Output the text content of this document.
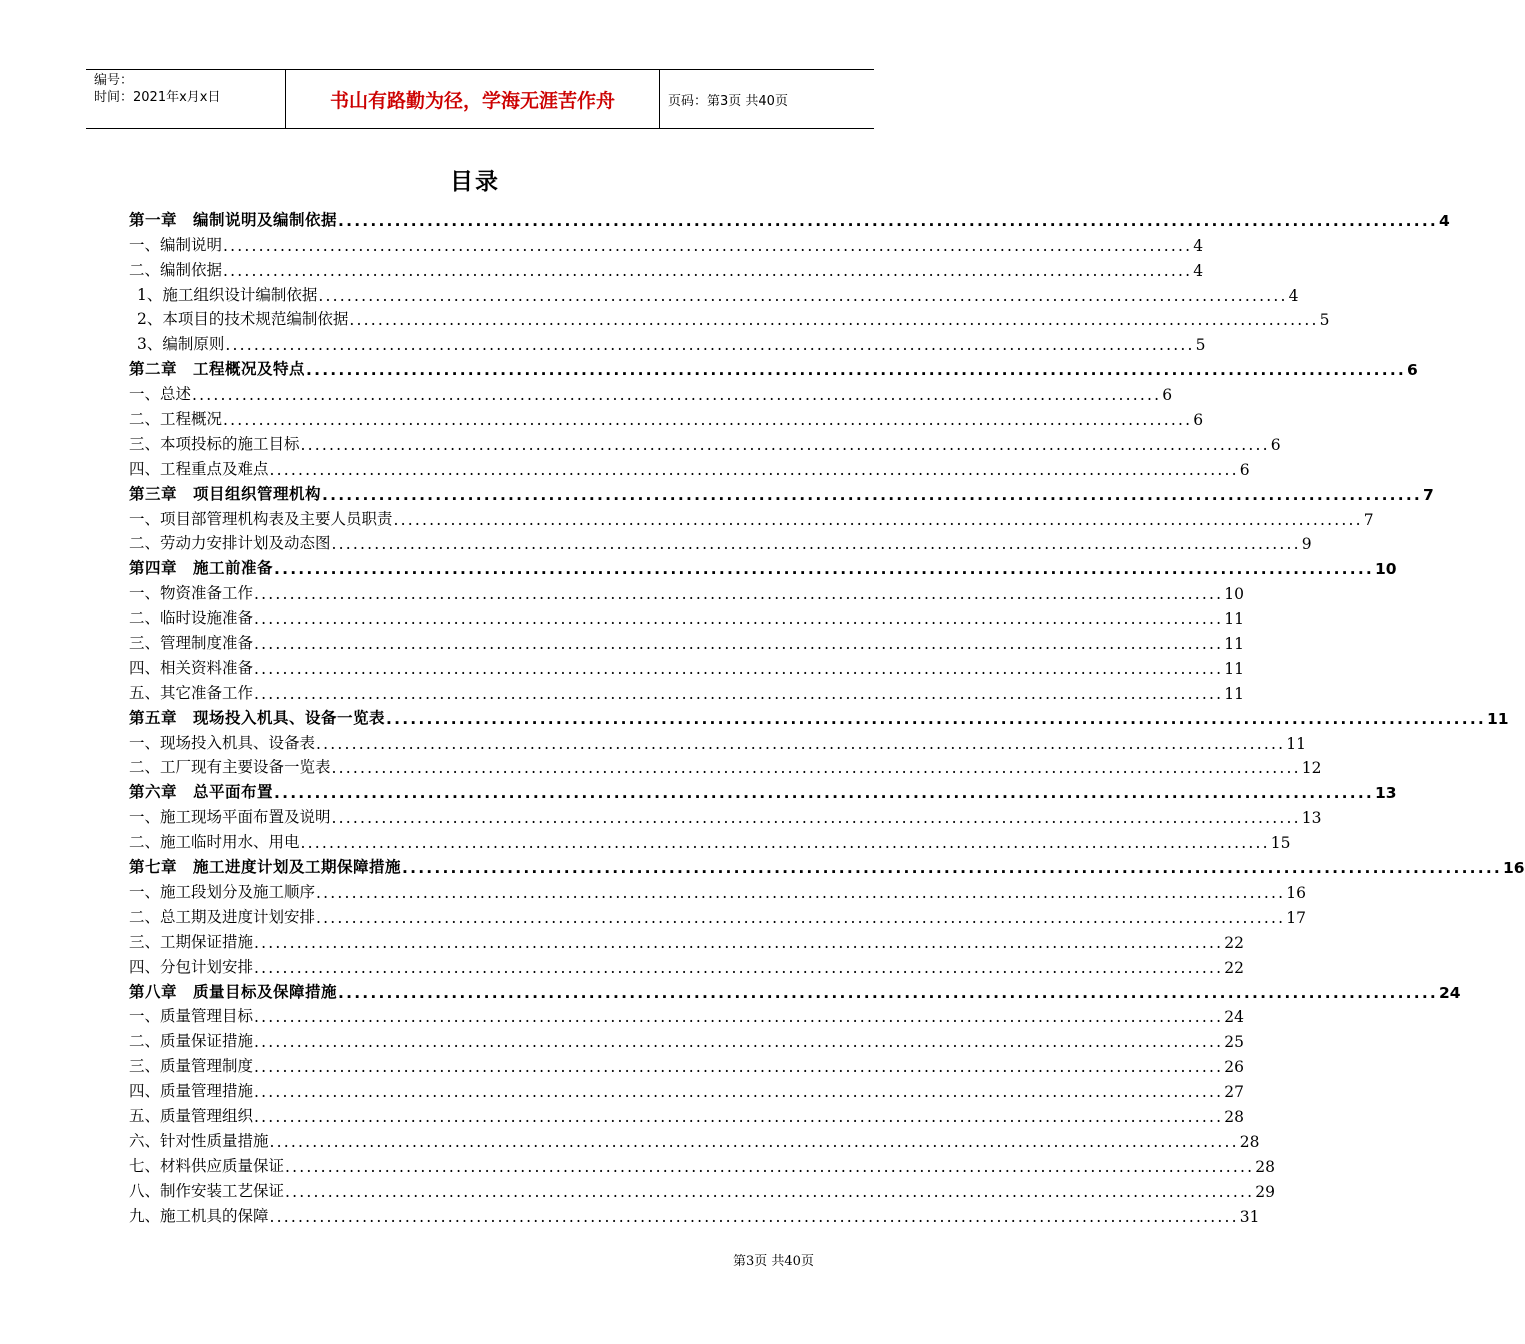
编号：
时间：2021年x月x日	书山有路勤为径，学海无涯苦作舟	页码：第3页 共40页
目录
第一章　编制说明及编制依据 ........................................................................................................................................ 4
一、编制说明 ........................................................................................................................................ 4
二、编制依据 ........................................................................................................................................ 4
1、施工组织设计编制依据 ........................................................................................................................................ 4
2、本项目的技术规范编制依据 ........................................................................................................................................ 5
3、编制原则 ........................................................................................................................................ 5
第二章　工程概况及特点 ........................................................................................................................................ 6
一、总述 ........................................................................................................................................ 6
二、工程概况 ........................................................................................................................................ 6
三、本项投标的施工目标 ........................................................................................................................................ 6
四、工程重点及难点 ........................................................................................................................................ 6
第三章　项目组织管理机构 ........................................................................................................................................ 7
一、项目部管理机构表及主要人员职责 ........................................................................................................................................ 7
二、劳动力安排计划及动态图 ........................................................................................................................................ 9
第四章　施工前准备 ........................................................................................................................................ 10
一、物资准备工作 ........................................................................................................................................ 10
二、临时设施准备 ........................................................................................................................................ 11
三、管理制度准备 ........................................................................................................................................ 11
四、相关资料准备 ........................................................................................................................................ 11
五、其它准备工作 ........................................................................................................................................ 11
第五章　现场投入机具、设备一览表 ........................................................................................................................................ 11
一、现场投入机具、设备表 ........................................................................................................................................ 11
二、工厂现有主要设备一览表 ........................................................................................................................................ 12
第六章　总平面布置 ........................................................................................................................................ 13
一、施工现场平面布置及说明 ........................................................................................................................................ 13
二、施工临时用水、用电 ........................................................................................................................................ 15
第七章　施工进度计划及工期保障措施 ........................................................................................................................................ 16
一、施工段划分及施工顺序 ........................................................................................................................................ 16
二、总工期及进度计划安排 ........................................................................................................................................ 17
三、工期保证措施 ........................................................................................................................................ 22
四、分包计划安排 ........................................................................................................................................ 22
第八章　质量目标及保障措施 ........................................................................................................................................ 24
一、质量管理目标 ........................................................................................................................................ 24
二、质量保证措施 ........................................................................................................................................ 25
三、质量管理制度 ........................................................................................................................................ 26
四、质量管理措施 ........................................................................................................................................ 27
五、质量管理组织 ........................................................................................................................................ 28
六、针对性质量措施 ........................................................................................................................................ 28
七、材料供应质量保证 ........................................................................................................................................ 28
八、制作安装工艺保证 ........................................................................................................................................ 29
九、施工机具的保障 ........................................................................................................................................ 31
第3页 共40页
